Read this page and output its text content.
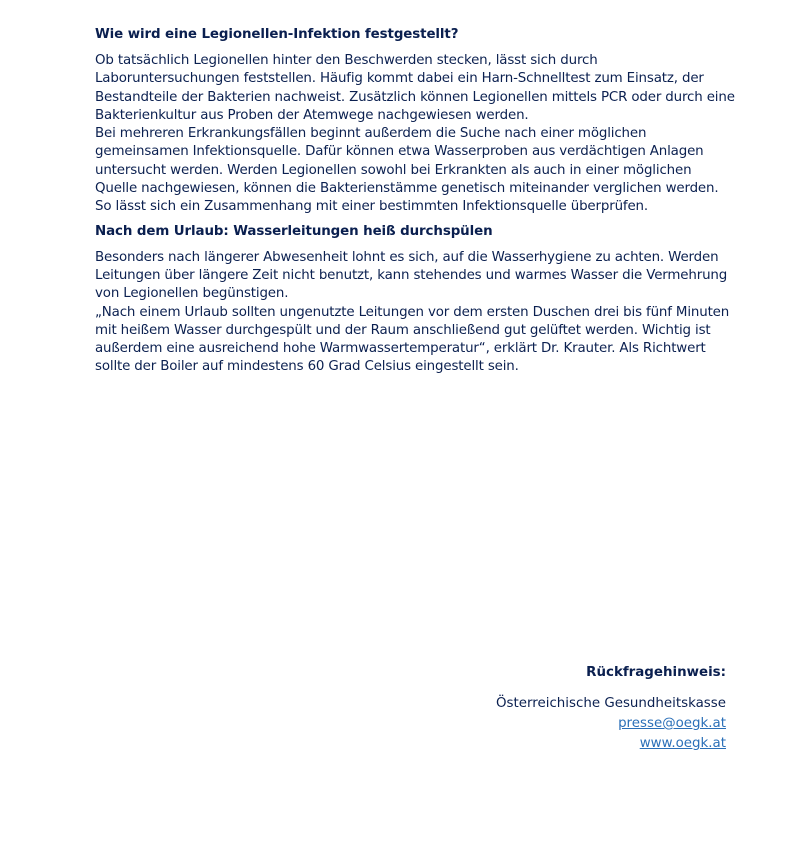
Wie wird eine Legionellen-Infektion festgestellt?

Ob tatsächlich Legionellen hinter den Beschwerden stecken, lässt sich durch Laboruntersuchungen feststellen. Häufig kommt dabei ein Harn-Schnelltest zum Einsatz, der Bestandteile der Bakterien nachweist. Zusätzlich können Legionellen mittels PCR oder durch eine Bakterienkultur aus Proben der Atemwege nachgewiesen werden.

Bei mehreren Erkrankungsfällen beginnt außerdem die Suche nach einer möglichen gemeinsamen Infektionsquelle. Dafür können etwa Wasserproben aus verdächtigen Anlagen untersucht werden. Werden Legionellen sowohl bei Erkrankten als auch in einer möglichen Quelle nachgewiesen, können die Bakterienstämme genetisch miteinander verglichen werden. So lässt sich ein Zusammenhang mit einer bestimmten Infektionsquelle überprüfen.

Nach dem Urlaub: Wasserleitungen heiß durchspülen

Besonders nach längerer Abwesenheit lohnt es sich, auf die Wasserhygiene zu achten. Werden Leitungen über längere Zeit nicht benutzt, kann stehendes und warmes Wasser die Vermehrung von Legionellen begünstigen.

„Nach einem Urlaub sollten ungenutzte Leitungen vor dem ersten Duschen drei bis fünf Minuten mit heißem Wasser durchgespült und der Raum anschließend gut gelüftet werden. Wichtig ist außerdem eine ausreichend hohe Warmwassertemperatur“, erklärt Dr. Krauter. Als Richtwert sollte der Boiler auf mindestens 60 Grad Celsius eingestellt sein.

Rückfragehinweis:
Österreichische Gesundheitskasse
presse@oegk.at
www.oegk.at
